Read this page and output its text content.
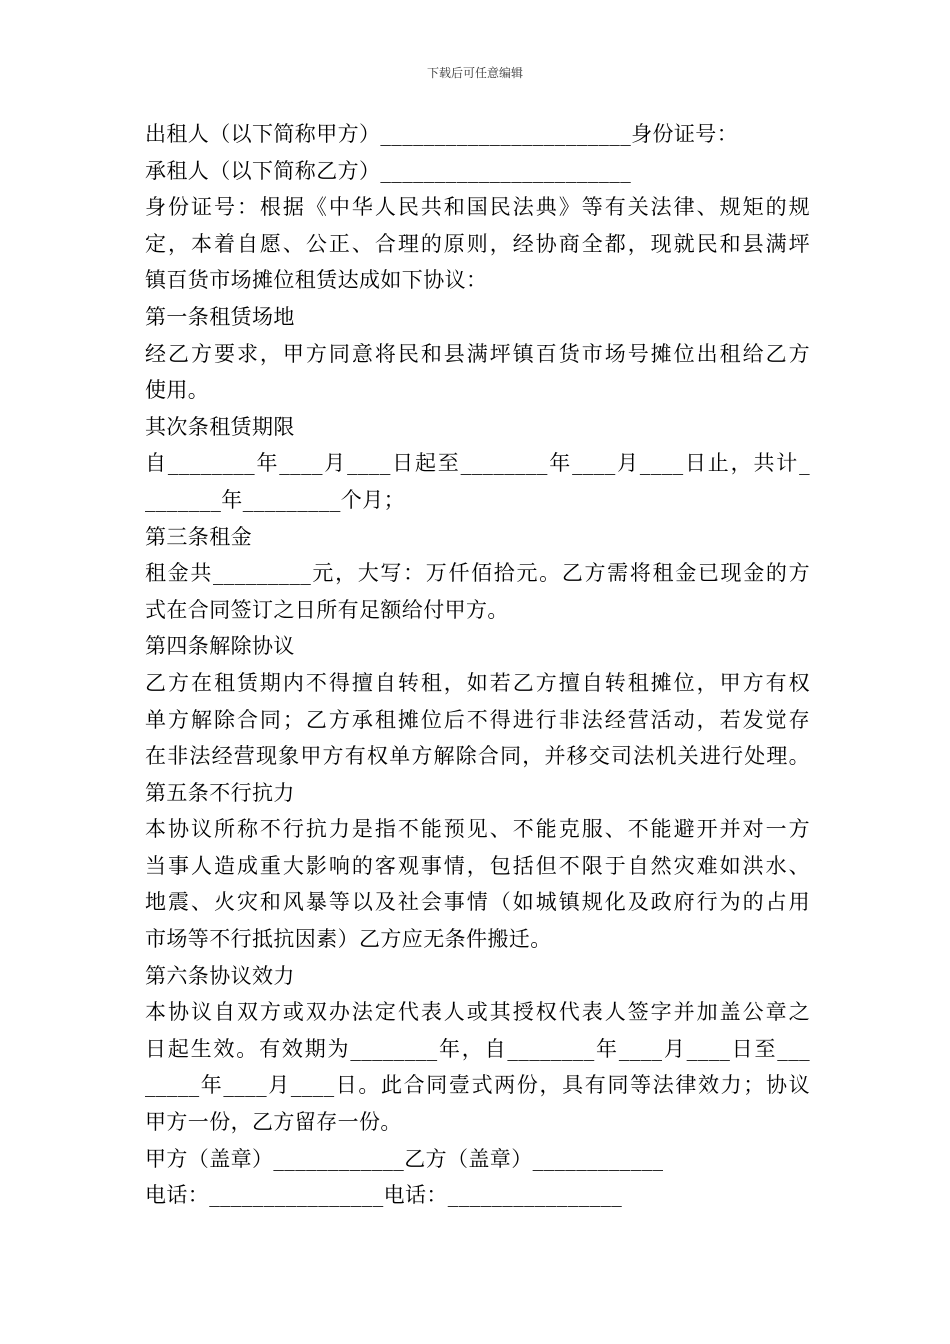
下载后可任意编辑
出租人（以下简称甲方）_______________________身份证号：
承租人（以下简称乙方）_______________________
身份证号：根据《中华人民共和国民法典》等有关法律、规矩的规
定，本着自愿、公正、合理的原则，经协商全都，现就民和县满坪
镇百货市场摊位租赁达成如下协议：
第一条租赁场地
经乙方要求，甲方同意将民和县满坪镇百货市场号摊位出租给乙方
使用。
其次条租赁期限
自________年____月____日起至________年____月____日止，共计_
_______年_________个月；
第三条租金
租金共_________元，大写：万仟佰拾元。乙方需将租金已现金的方
式在合同签订之日所有足额给付甲方。
第四条解除协议
乙方在租赁期内不得擅自转租，如若乙方擅自转租摊位，甲方有权
单方解除合同；乙方承租摊位后不得进行非法经营活动，若发觉存
在非法经营现象甲方有权单方解除合同，并移交司法机关进行处理。
第五条不行抗力
本协议所称不行抗力是指不能预见、不能克服、不能避开并对一方
当事人造成重大影响的客观事情，包括但不限于自然灾难如洪水、
地震、火灾和风暴等以及社会事情（如城镇规化及政府行为的占用
市场等不行抵抗因素）乙方应无条件搬迁。
第六条协议效力
本协议自双方或双办法定代表人或其授权代表人签字并加盖公章之
日起生效。有效期为________年，自________年____月____日至___
_____年____月____日。此合同壹式两份，具有同等法律效力；协议
甲方一份，乙方留存一份。
甲方（盖章）____________乙方（盖章）____________
电话：________________电话：________________
